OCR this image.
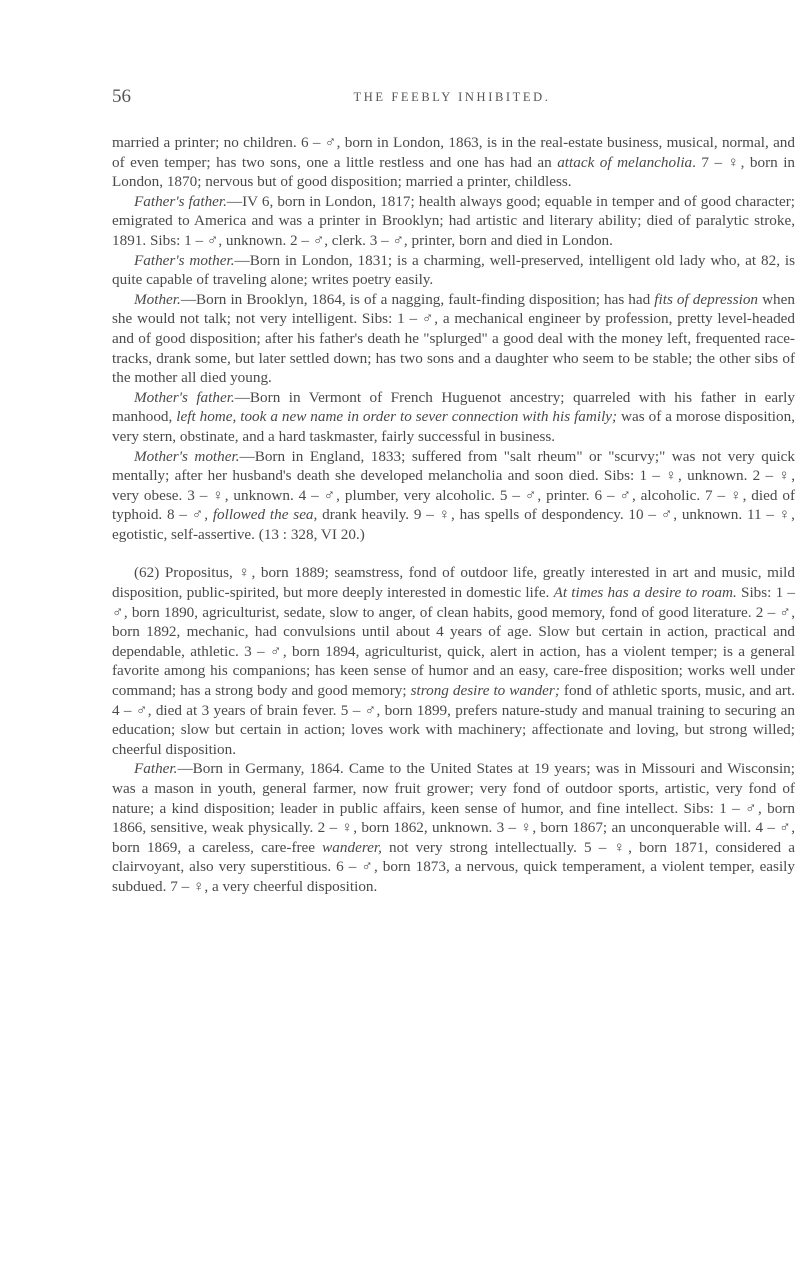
56	THE FEEBLY INHIBITED.

married a printer; no children. 6 – ♂, born in London, 1863, is in the real-estate business, musical, normal, and of even temper; has two sons, one a little restless and one has had an attack of melancholia. 7 – ♀, born in London, 1870; nervous but of good disposition; married a printer, childless.

Father's father.—IV 6, born in London, 1817; health always good; equable in temper and of good character; emigrated to America and was a printer in Brooklyn; had artistic and literary ability; died of paralytic stroke, 1891. Sibs: 1 – ♂, unknown. 2 – ♂, clerk. 3 – ♂, printer, born and died in London.

Father's mother.—Born in London, 1831; is a charming, well-preserved, intelligent old lady who, at 82, is quite capable of traveling alone; writes poetry easily.

Mother.—Born in Brooklyn, 1864, is of a nagging, fault-finding disposition; has had fits of depression when she would not talk; not very intelligent. Sibs: 1 – ♂, a mechanical engineer by profession, pretty level-headed and of good disposition; after his father's death he "splurged" a good deal with the money left, frequented race-tracks, drank some, but later settled down; has two sons and a daughter who seem to be stable; the other sibs of the mother all died young.

Mother's father.—Born in Vermont of French Huguenot ancestry; quarreled with his father in early manhood, left home, took a new name in order to sever connection with his family; was of a morose disposition, very stern, obstinate, and a hard taskmaster, fairly successful in business.

Mother's mother.—Born in England, 1833; suffered from "salt rheum" or "scurvy;" was not very quick mentally; after her husband's death she developed melancholia and soon died. Sibs: 1 – ♀, unknown. 2 – ♀, very obese. 3 – ♀, unknown. 4 – ♂, plumber, very alcoholic. 5 – ♂, printer. 6 – ♂, alcoholic. 7 – ♀, died of typhoid. 8 – ♂, followed the sea, drank heavily. 9 – ♀, has spells of despondency. 10 – ♂, unknown. 11 – ♀, egotistic, self-assertive. (13 : 328, VI 20.)

(62) Propositus, ♀, born 1889; seamstress, fond of outdoor life, greatly interested in art and music, mild disposition, public-spirited, but more deeply interested in domestic life. At times has a desire to roam. Sibs: 1 – ♂, born 1890, agriculturist, sedate, slow to anger, of clean habits, good memory, fond of good literature. 2 – ♂, born 1892, mechanic, had convulsions until about 4 years of age. Slow but certain in action, practical and dependable, athletic. 3 – ♂, born 1894, agriculturist, quick, alert in action, has a violent temper; is a general favorite among his companions; has keen sense of humor and an easy, care-free disposition; works well under command; has a strong body and good memory; strong desire to wander; fond of athletic sports, music, and art. 4 – ♂, died at 3 years of brain fever. 5 – ♂, born 1899, prefers nature-study and manual training to securing an education; slow but certain in action; loves work with machinery; affectionate and loving, but strong willed; cheerful disposition.

Father.—Born in Germany, 1864. Came to the United States at 19 years; was in Missouri and Wisconsin; was a mason in youth, general farmer, now fruit grower; very fond of outdoor sports, artistic, very fond of nature; a kind disposition; leader in public affairs, keen sense of humor, and fine intellect. Sibs: 1 – ♂, born 1866, sensitive, weak physically. 2 – ♀, born 1862, unknown. 3 – ♀, born 1867; an unconquerable will. 4 – ♂, born 1869, a careless, care-free wanderer, not very strong intellectually. 5 – ♀, born 1871, considered a clairvoyant, also very superstitious. 6 – ♂, born 1873, a nervous, quick temperament, a violent temper, easily subdued. 7 – ♀, a very cheerful disposition.
